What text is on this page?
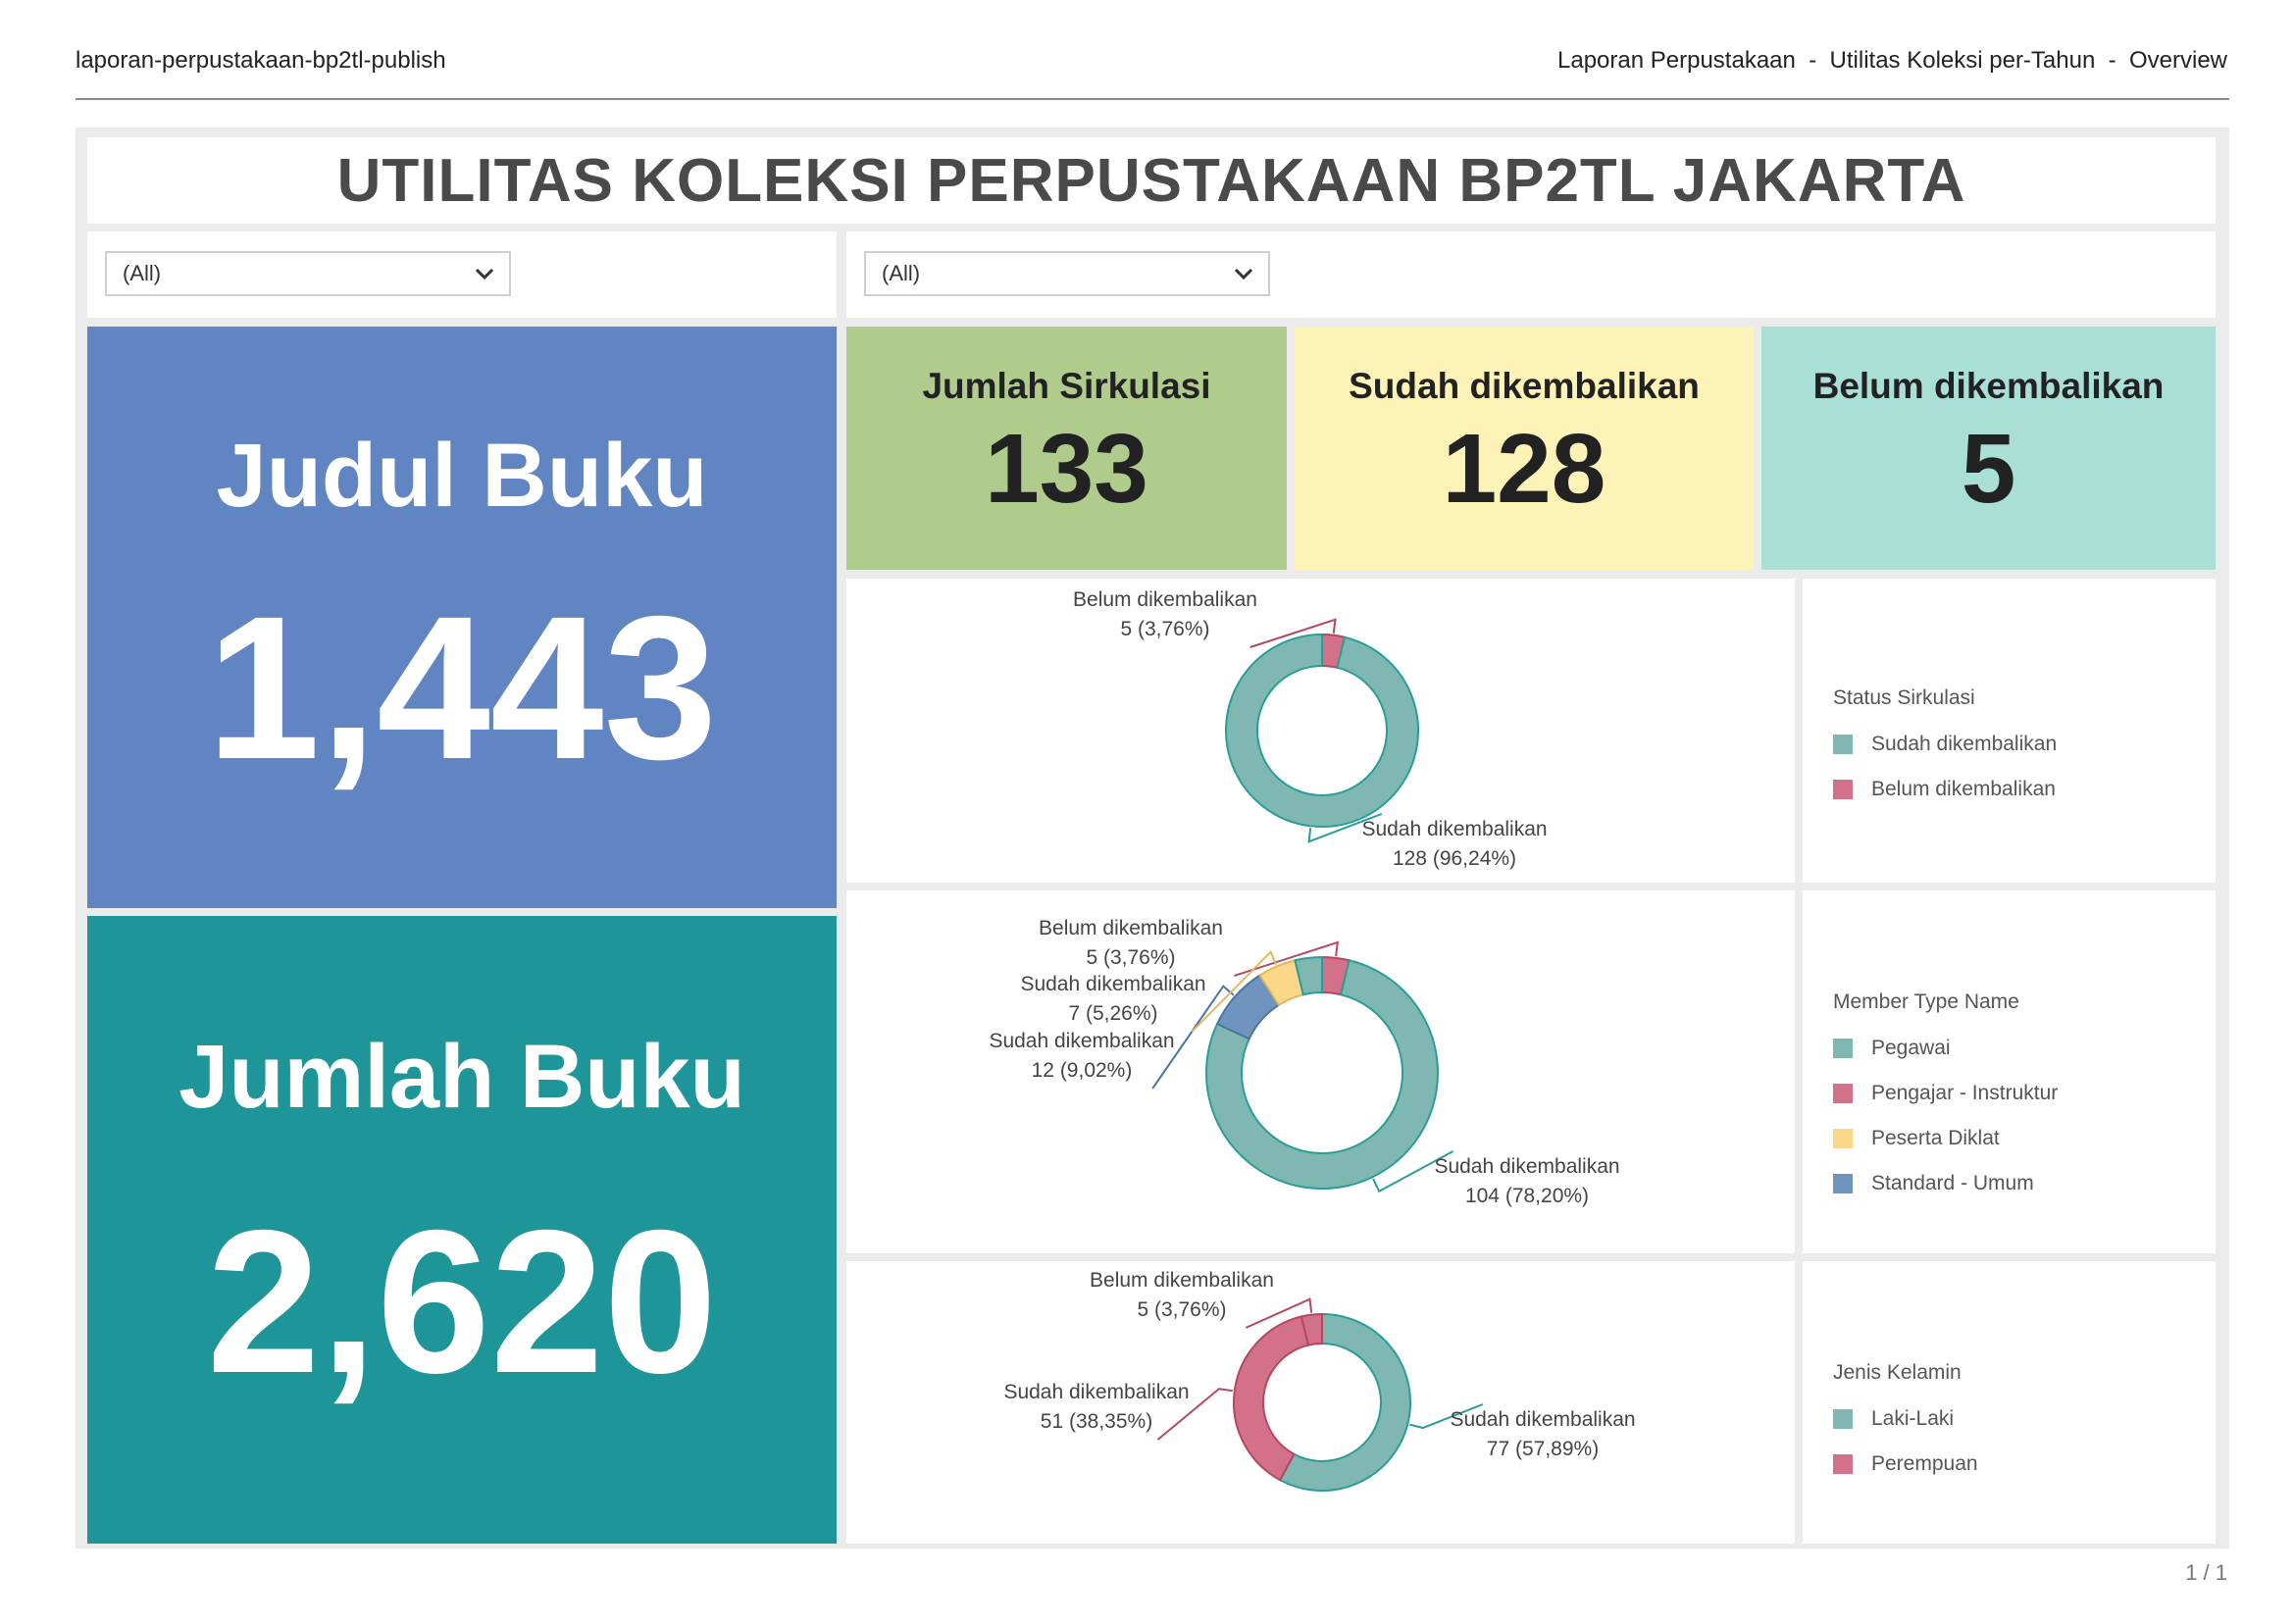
laporan-perpustakaan-bp2tl-publish	Laporan Perpustakaan  -  Utilitas Koleksi per-Tahun  -  Overview
UTILITAS KOLEKSI PERPUSTAKAAN BP2TL JAKARTA
(All)	(All)
Judul Buku
1,443
Jumlah Buku
2,620
Jumlah Sirkulasi
133
Sudah dikembalikan
128
Belum dikembalikan
5
Belum dikembalikan
5 (3,76%)
Sudah dikembalikan
128 (96,24%)
Belum dikembalikan
5 (3,76%)
Sudah dikembalikan
104 (78,20%)
Sudah dikembalikan
12 (9,02%)
Sudah dikembalikan
7 (5,26%)
Sudah dikembalikan
77 (57,89%)
Sudah dikembalikan
51 (38,35%)
Belum dikembalikan
5 (3,76%)
Status Sirkulasi
Sudah dikembalikan
Belum dikembalikan
Member Type Name
Pegawai
Pengajar - Instruktur
Peserta Diklat
Standard - Umum
Jenis Kelamin
Laki-Laki
Perempuan
1 / 1
